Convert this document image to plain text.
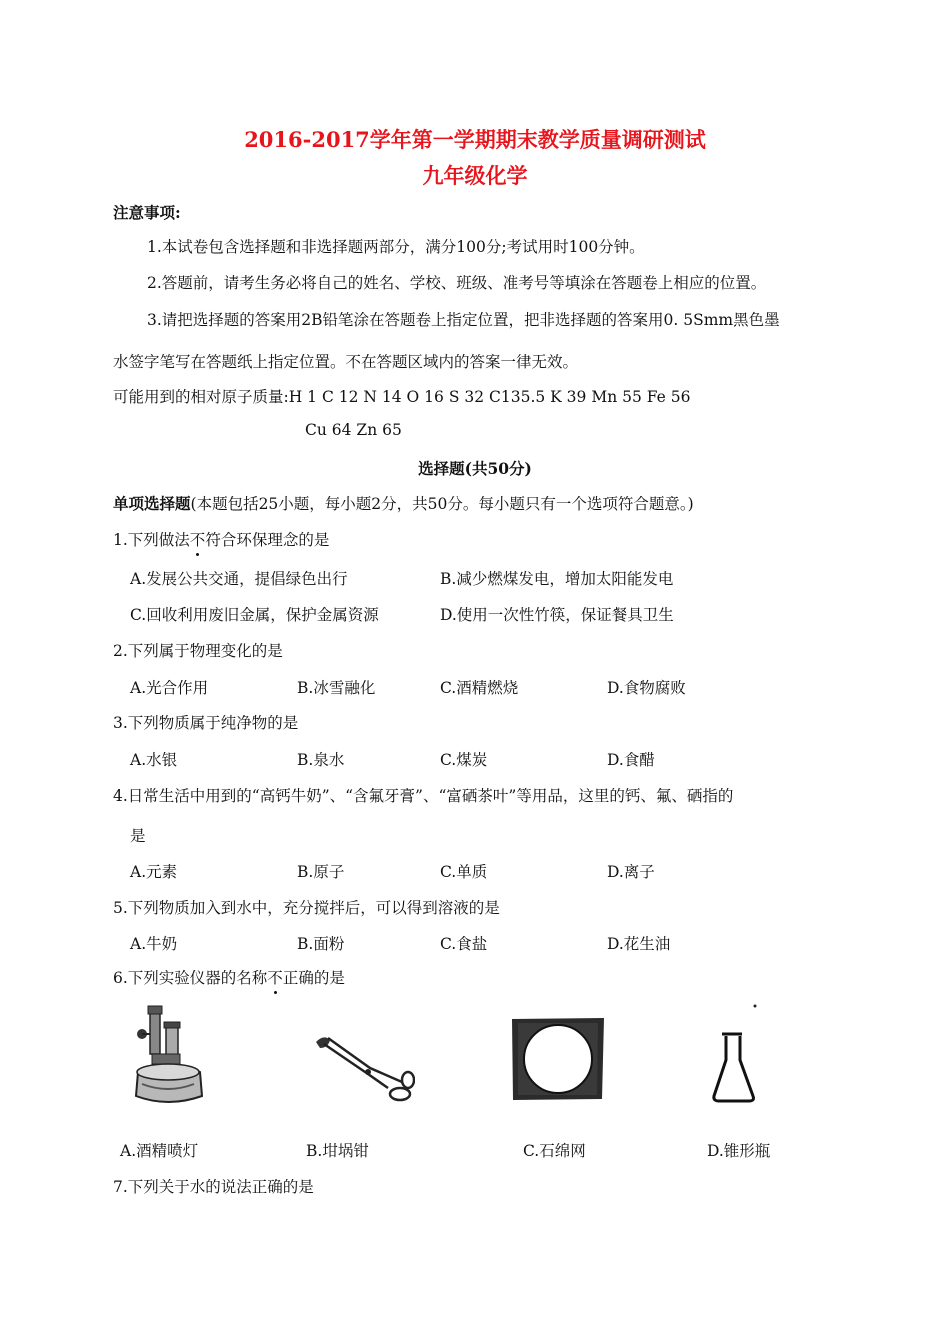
2016-2017学年第一学期期末教学质量调研测试
九年级化学
注意事项:
1.本试卷包含选择题和非选择题两部分，满分100分;考试用时100分钟。
2.答题前，请考生务必将自己的姓名、学校、班级、准考号等填涂在答题卷上相应的位置。
3.请把选择题的答案用2B铅笔涂在答题卷上指定位置，把非选择题的答案用0. 5Smm黑色墨
水签字笔写在答题纸上指定位置。不在答题区域内的答案一律无效。
可能用到的相对原子质量:H 1 C 12 N 14 O 16 S 32 C135.5 K 39 Mn 55 Fe 56
Cu 64 Zn 65
选择题(共50分)
单项选择题(本题包括25小题，每小题2分，共50分。每小题只有一个选项符合题意。)
1.下列做法不符合环保理念的是
A.发展公共交通，提倡绿色出行	B.减少燃煤发电，增加太阳能发电
C.回收利用废旧金属，保护金属资源	D.使用一次性竹筷，保证餐具卫生
2.下列属于物理变化的是
A.光合作用	B.冰雪融化	C.酒精燃烧	D.食物腐败
3.下列物质属于纯净物的是
A.水银	B.泉水	C.煤炭	D.食醋
4.日常生活中用到的“高钙牛奶”、“含氟牙膏”、“富硒茶叶”等用品，这里的钙、氟、硒指的
是
A.元素	B.原子	C.单质	D.离子
5.下列物质加入到水中，充分搅拌后，可以得到溶液的是
A.牛奶	B.面粉	C.食盐	D.花生油
6.下列实验仪器的名称不正确的是
A.酒精喷灯	B.坩埚钳	C.石绵网	D.锥形瓶
7.下列关于水的说法正确的是
